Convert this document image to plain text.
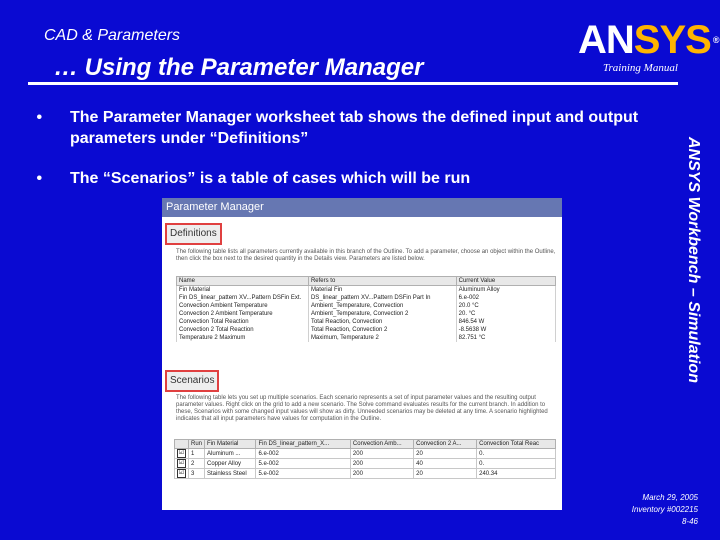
CAD & Parameters
… Using the Parameter Manager
ANSYS ®
Training Manual
ANSYS Workbench – Simulation
•	The Parameter Manager worksheet tab shows the defined input and output parameters under “Definitions”
•	The “Scenarios” is a table of cases which will be run
Parameter Manager
Definitions
The following table lists all parameters currently available in this branch of the Outline. To add a parameter, choose an object within the Outline, then click the box next to the desired quantity in the Details view. Parameters are listed below.
Name	Refers to	Current Value
Fin Material	Material Fin	Aluminum Alloy
Fin DS_linear_pattern XV...Pattern DSFin Ext.	DS_linear_pattern XV...Pattern DSFin Part In	6.e-002
Convection Ambient Temperature	Ambient_Temperature, Convection	20.0 °C
Convection 2 Ambient Temperature	Ambient_Temperature, Convection 2	20. °C
Convection Total Reaction	Total Reaction, Convection	846.54 W
Convection 2 Total Reaction	Total Reaction, Convection 2	-8.5638 W
Temperature 2 Maximum	Maximum, Temperature 2	82.751 °C
Scenarios
The following table lets you set up multiple scenarios. Each scenario represents a set of input parameter values and the resulting output parameter values. Right click on the grid to add a new scenario. The Solve command evaluates results for the current branch. In addition to these, Scenarios with some changed input values will show as dirty. Unneeded scenarios may be deleted at any time. A scenario highlighted indicates that all input parameters have values for computation in the Outline.
	Run	Fin Material	Fin DS_linear_pattern_X...	Convection Amb...	Convection 2 A...	Convection Total Reac
☑	1	Aluminum ...	6.e-002	200	20	0.
☑	2	Copper Alloy	5.e-002	200	40	0.
☑	3	Stainless Steel	5.e-002	200	20	240.34
March 29, 2005
Inventory #002215
8-46
